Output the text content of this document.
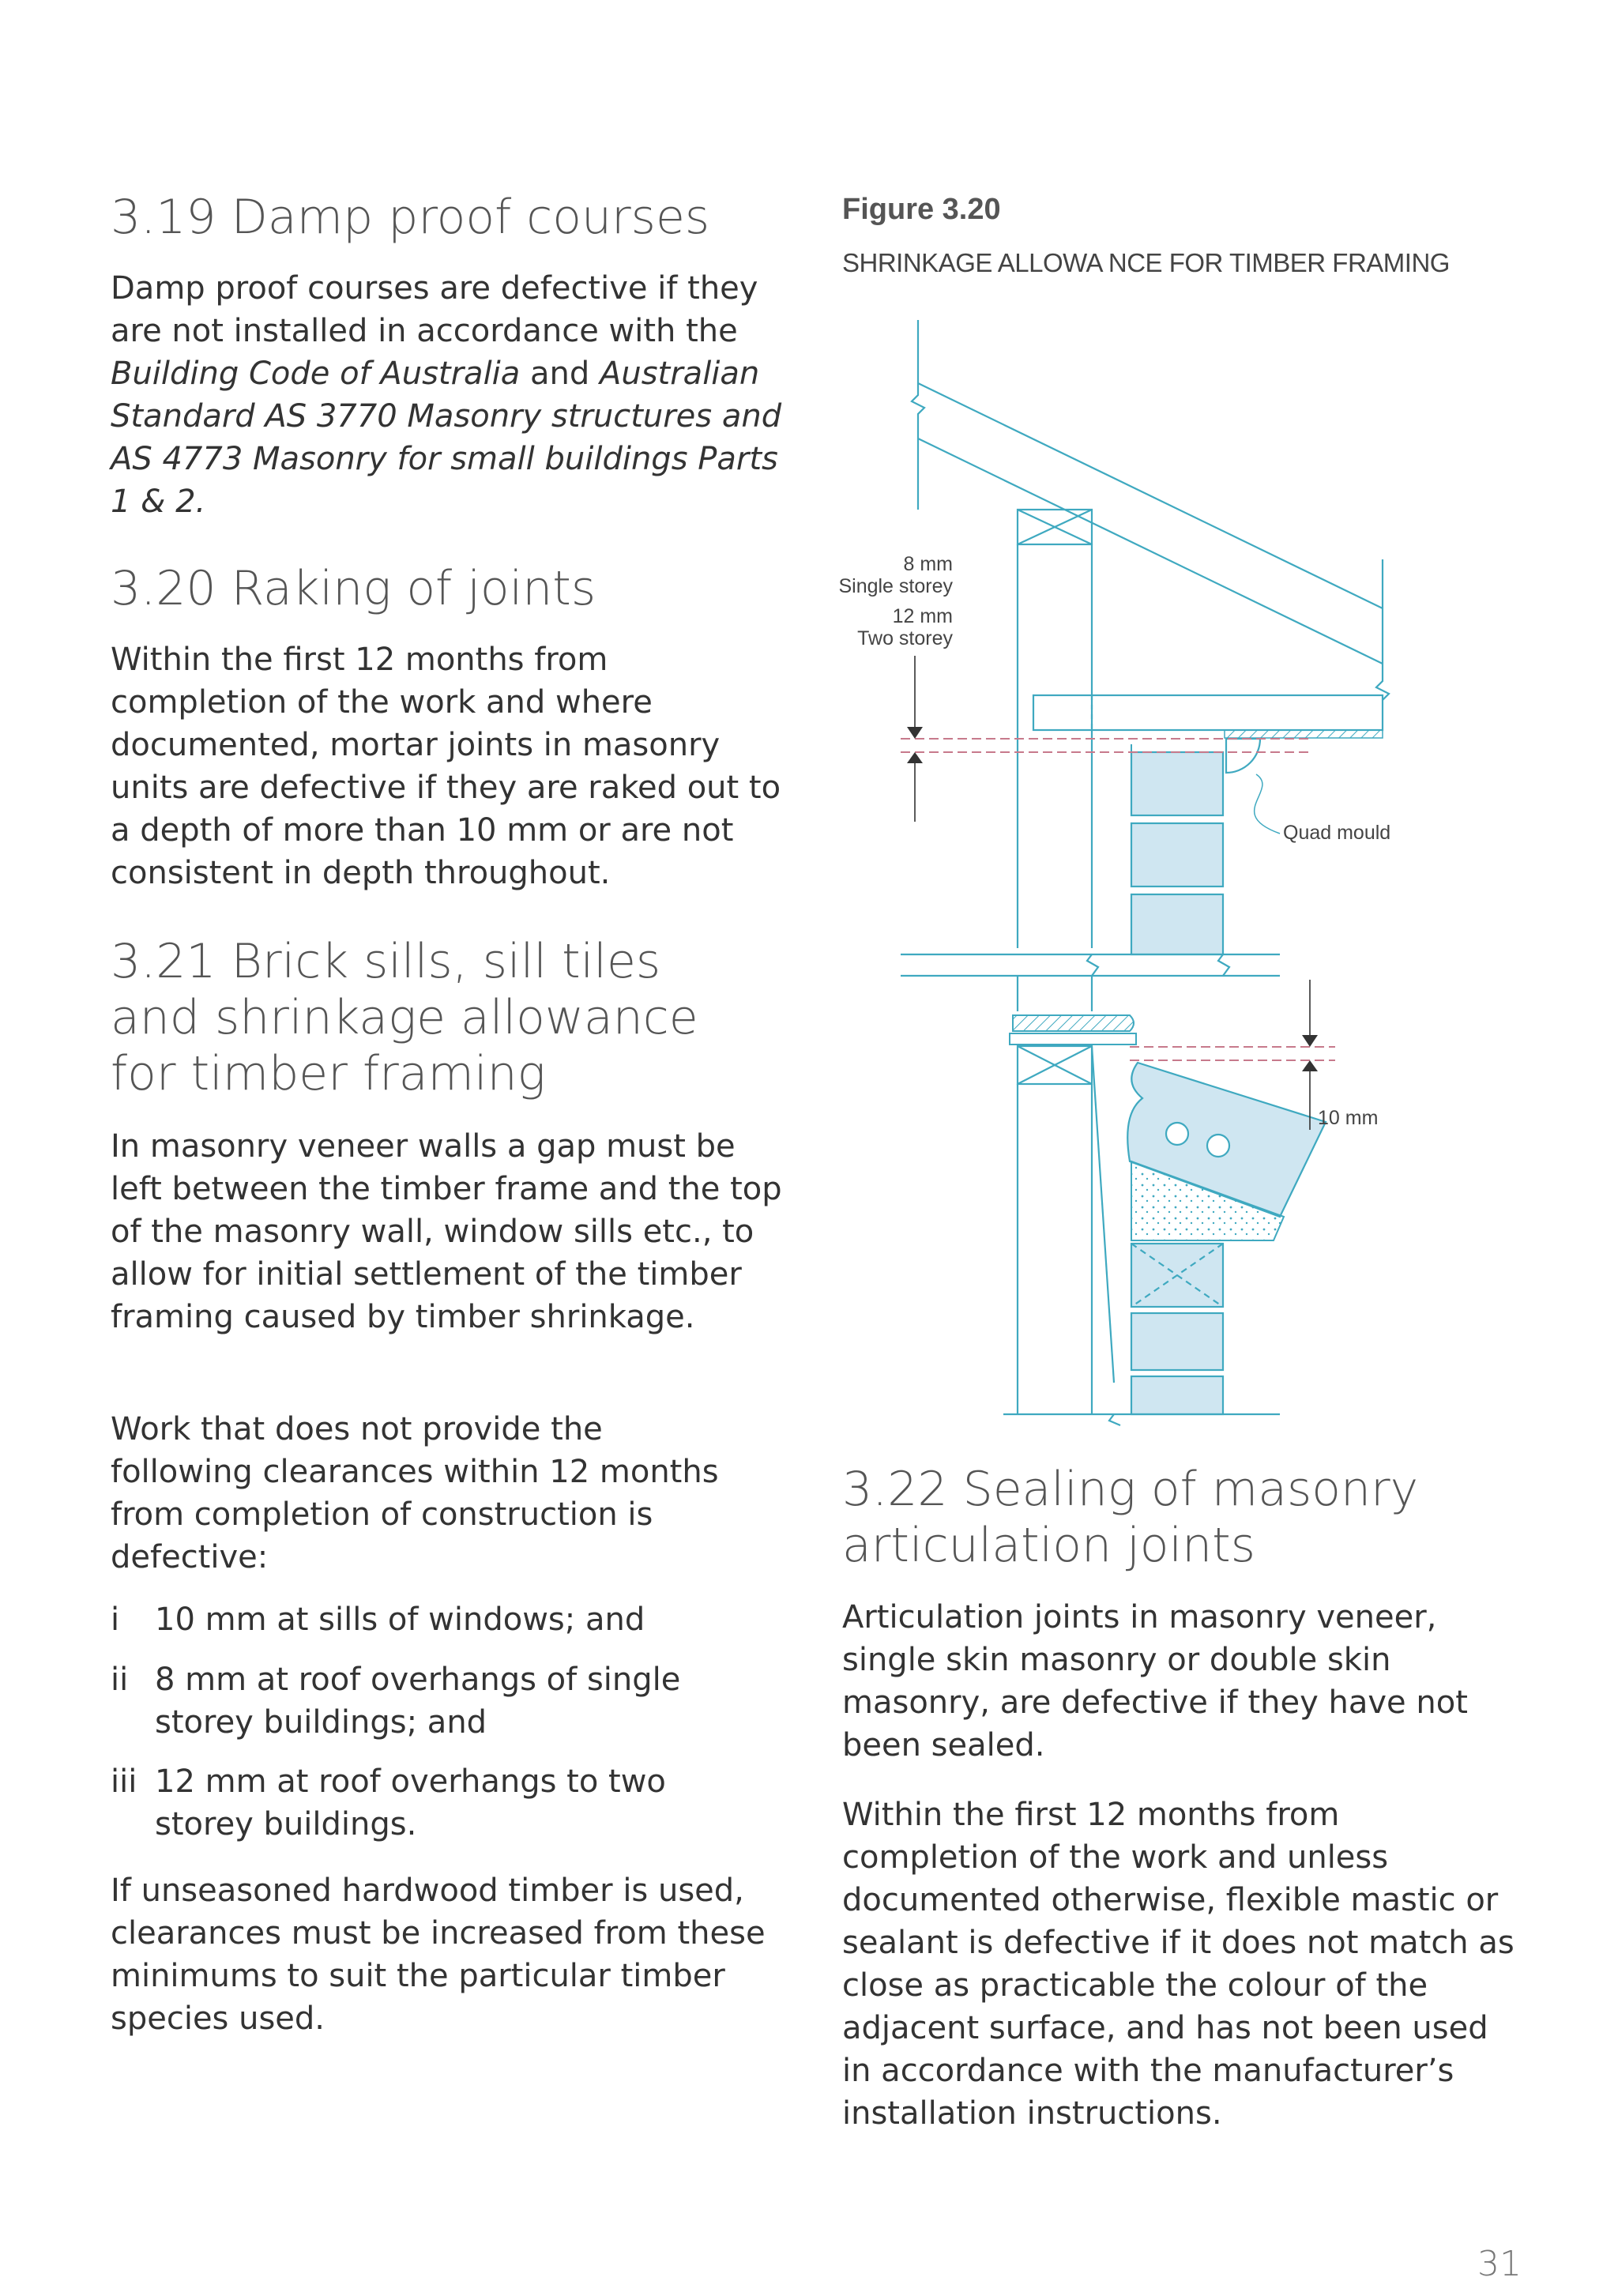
3.19 Damp proof courses

Damp proof courses are defective if they are not installed in accordance with the Building Code of Australia and Australian Standard AS 3770 Masonry structures and AS 4773 Masonry for small buildings Parts 1 & 2.

3.20 Raking of joints

Within the first 12 months from completion of the work and where documented, mortar joints in masonry units are defective if they are raked out to a depth of more than 10 mm or are not consistent in depth throughout.

3.21 Brick sills, sill tiles and shrinkage allowance for timber framing

In masonry veneer walls a gap must be left between the timber frame and the top of the masonry wall, window sills etc., to allow for initial settlement of the timber framing caused by timber shrinkage.

Work that does not provide the following clearances within 12 months from completion of construction is defective:

i	10 mm at sills of windows; and
ii 8 mm at roof overhangs of single storey buildings; and
iii 12 mm at roof overhangs to two storey buildings.

If unseasoned hardwood timber is used, clearances must be increased from these minimums to suit the particular timber species used.

Figure 3.20
SHRINKAGE ALLOWA NCE FOR TIMBER FRAMING
3.22 Sealing of masonry articulation joints

Articulation joints in masonry veneer, single skin masonry or double skin masonry, are defective if they have not been sealed.

Within the first 12 months from completion of the work and unless documented otherwise, flexible mastic or sealant is defective if it does not match as close as practicable the colour of the adjacent surface, and has not been used in accordance with the manufacturer’s installation instructions.

Quad mould
8 mm
Single storey
12 mm
Two storey
10 mm
31
